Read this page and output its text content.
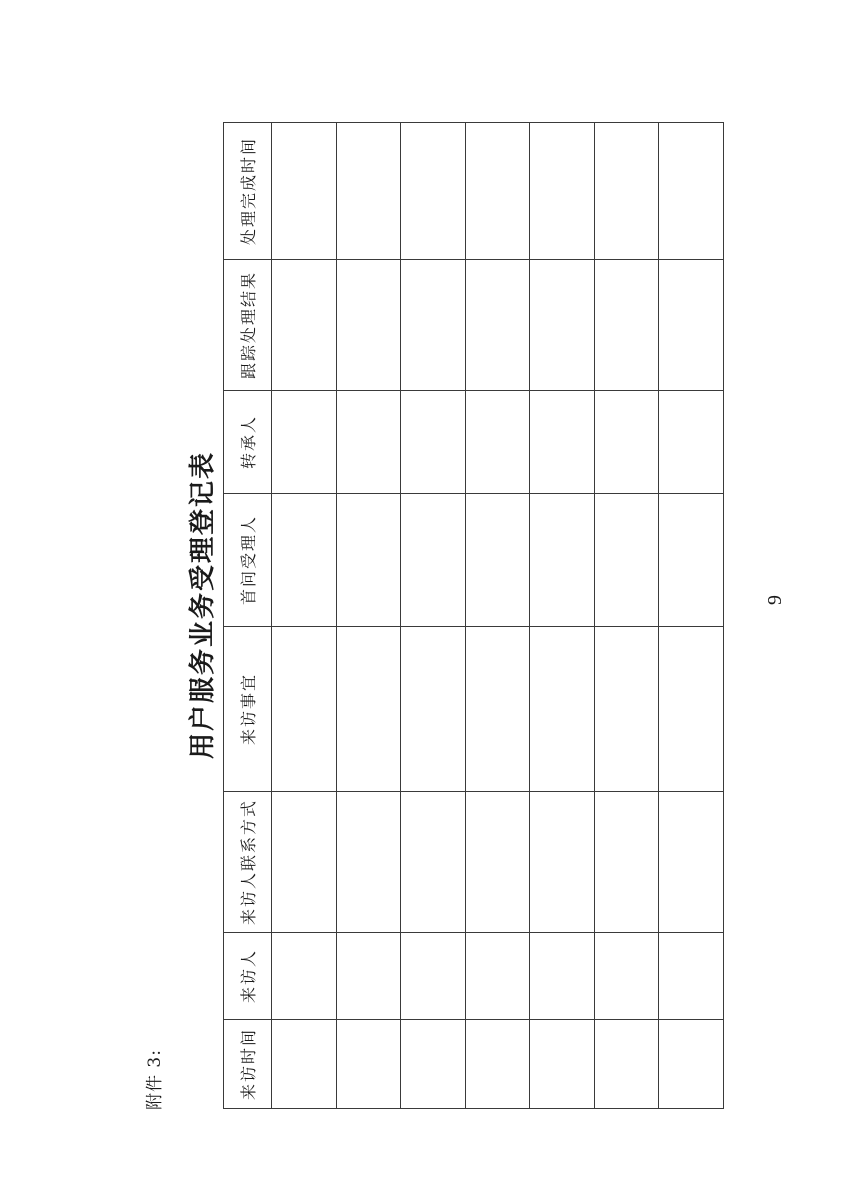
附件 3:
用户服务业务受理登记表
来访时间	来访人	来访人联系方式	来访事宜	首问受理人	转承人	跟踪处理结果	处理完成时间

9
